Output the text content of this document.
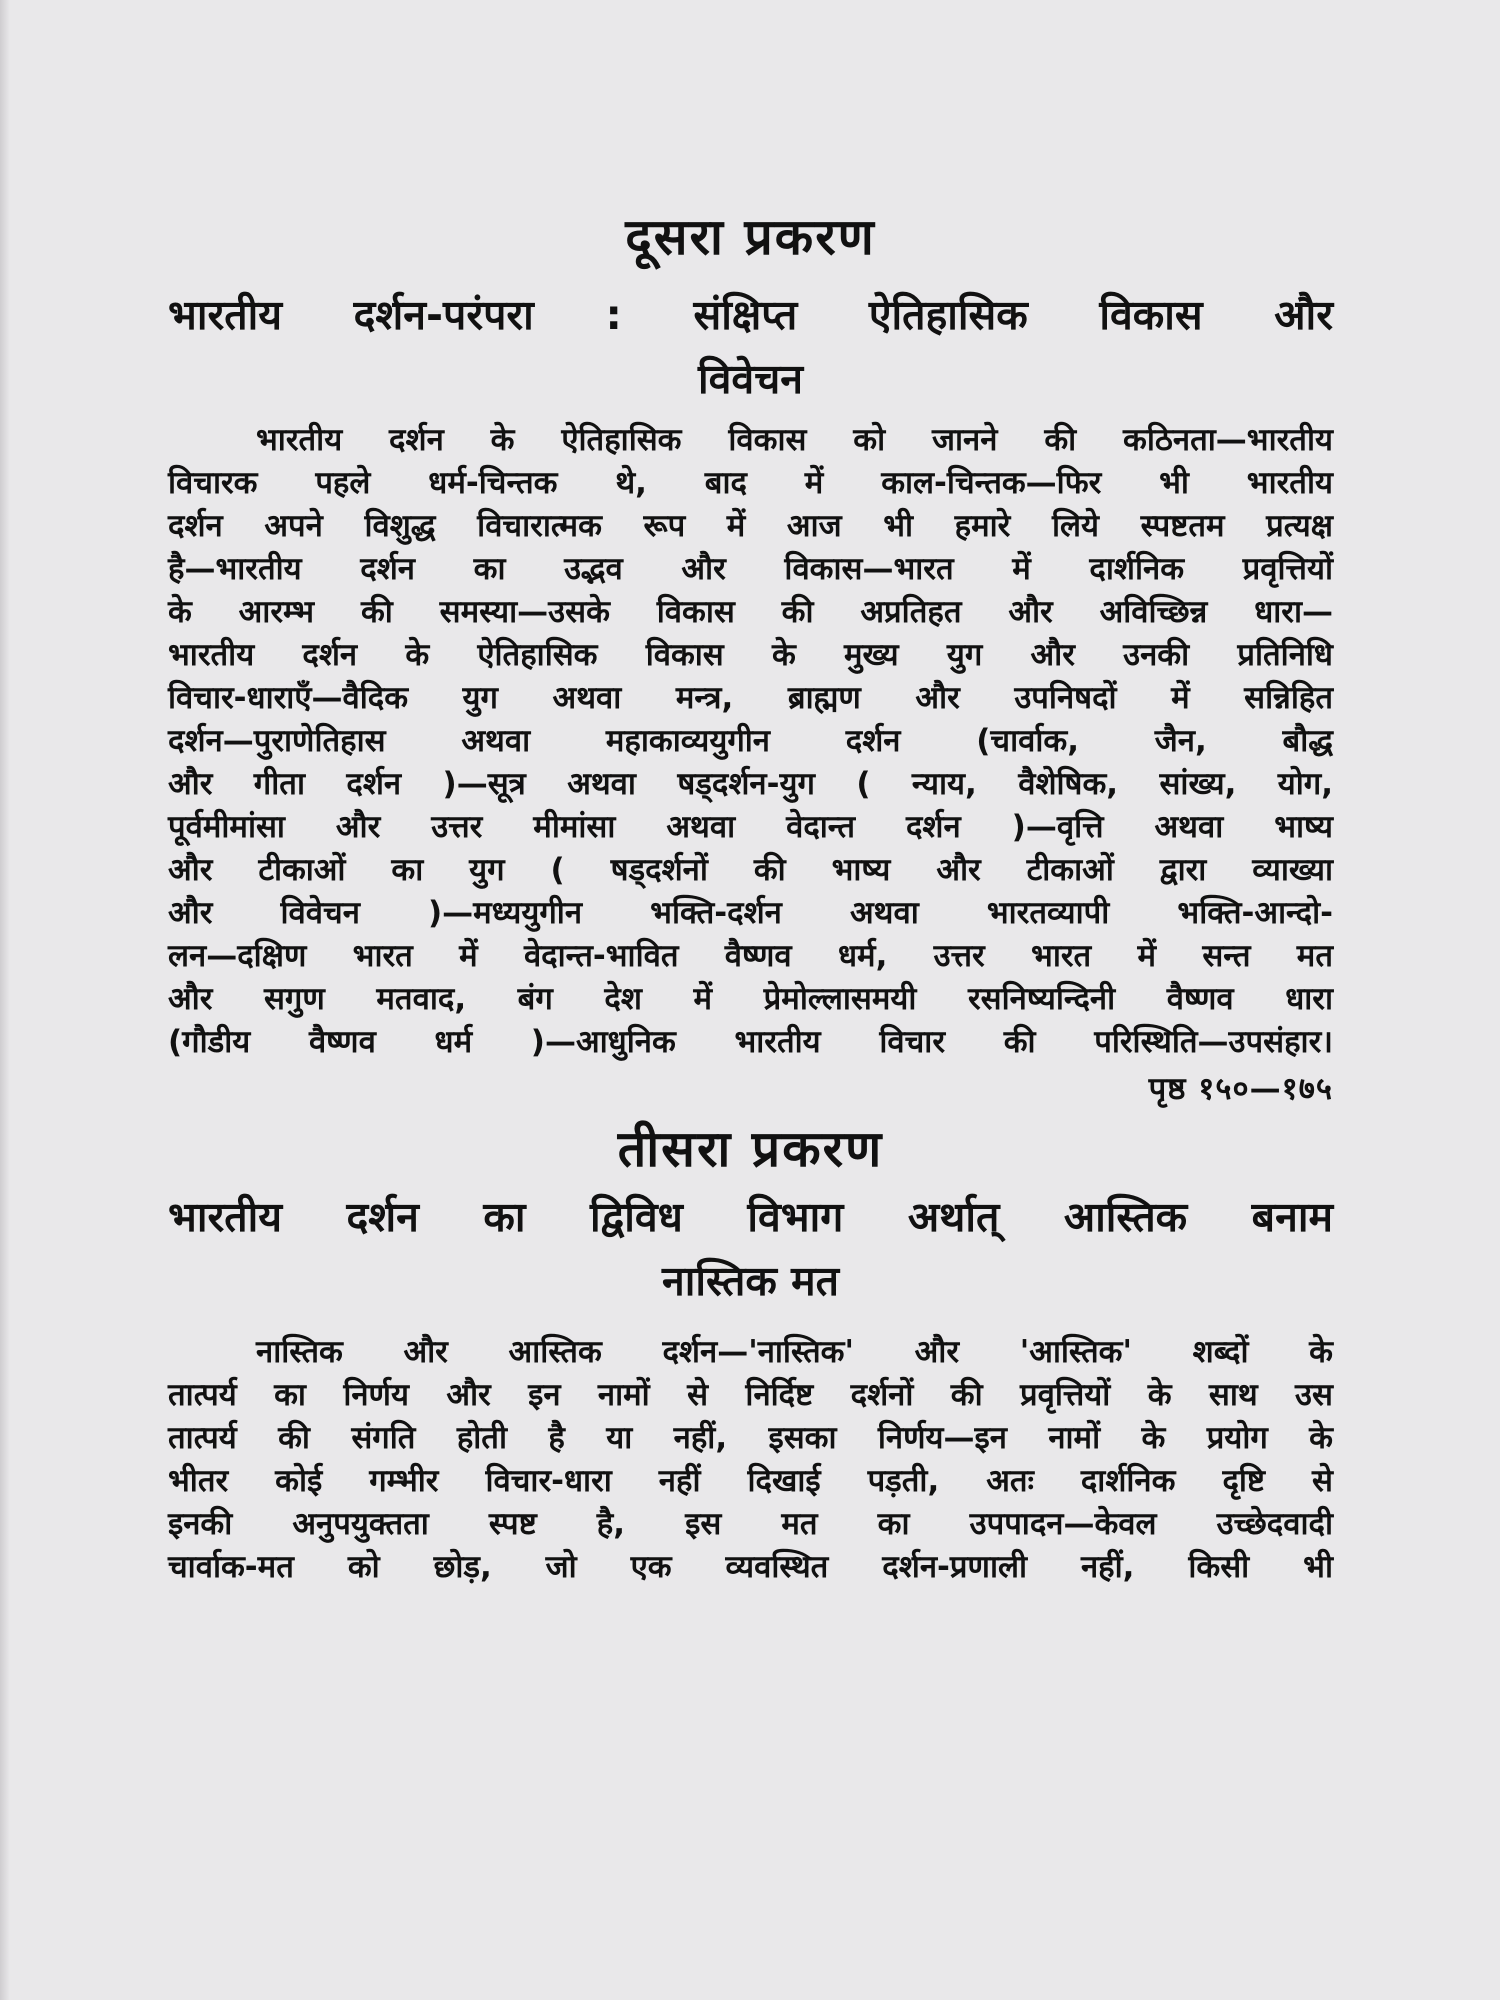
दूसरा प्रकरण
भारतीय दर्शन-परंपरा : संक्षिप्त ऐतिहासिक विकास और
विवेचन
भारतीय दर्शन के ऐतिहासिक विकास को जानने की कठिनता—भारतीय
विचारक पहले धर्म-चिन्तक थे, बाद में काल-चिन्तक—फिर भी भारतीय
दर्शन अपने विशुद्ध विचारात्मक रूप में आज भी हमारे लिये स्पष्टतम प्रत्यक्ष
है—भारतीय दर्शन का उद्भव और विकास—भारत में दार्शनिक प्रवृत्तियों
के आरम्भ की समस्या—उसके विकास की अप्रतिहत और अविच्छिन्न धारा—
भारतीय दर्शन के ऐतिहासिक विकास के मुख्य युग और उनकी प्रतिनिधि
विचार-धाराएँ—वैदिक युग अथवा मन्त्र, ब्राह्मण और उपनिषदों में सन्निहित
दर्शन—पुराणेतिहास अथवा महाकाव्ययुगीन दर्शन (चार्वाक, जैन, बौद्ध
और गीता दर्शन )—सूत्र अथवा षड्दर्शन-युग ( न्याय, वैशेषिक, सांख्य, योग,
पूर्वमीमांसा और उत्तर मीमांसा अथवा वेदान्त दर्शन )—वृत्ति अथवा भाष्य
और टीकाओं का युग ( षड्दर्शनों की भाष्य और टीकाओं द्वारा व्याख्या
और विवेचन )—मध्ययुगीन भक्ति-दर्शन अथवा भारतव्यापी भक्ति-आन्दो-
लन—दक्षिण भारत में वेदान्त-भावित वैष्णव धर्म, उत्तर भारत में सन्त मत
और सगुण मतवाद, बंग देश में प्रेमोल्लासमयी रसनिष्यन्दिनी वैष्णव धारा
(गौडीय वैष्णव धर्म )—आधुनिक भारतीय विचार की परिस्थिति—उपसंहार।
पृष्ठ १५०—१७५
तीसरा प्रकरण
भारतीय दर्शन का द्विविध विभाग अर्थात् आस्तिक बनाम
नास्तिक मत
नास्तिक और आस्तिक दर्शन—'नास्तिक' और 'आस्तिक' शब्दों के
तात्पर्य का निर्णय और इन नामों से निर्दिष्ट दर्शनों की प्रवृत्तियों के साथ उस
तात्पर्य की संगति होती है या नहीं, इसका निर्णय—इन नामों के प्रयोग के
भीतर कोई गम्भीर विचार-धारा नहीं दिखाई पड़ती, अतः दार्शनिक दृष्टि से
इनकी अनुपयुक्तता स्पष्ट है, इस मत का उपपादन—केवल उच्छेदवादी
चार्वाक-मत को छोड़, जो एक व्यवस्थित दर्शन-प्रणाली नहीं, किसी भी
